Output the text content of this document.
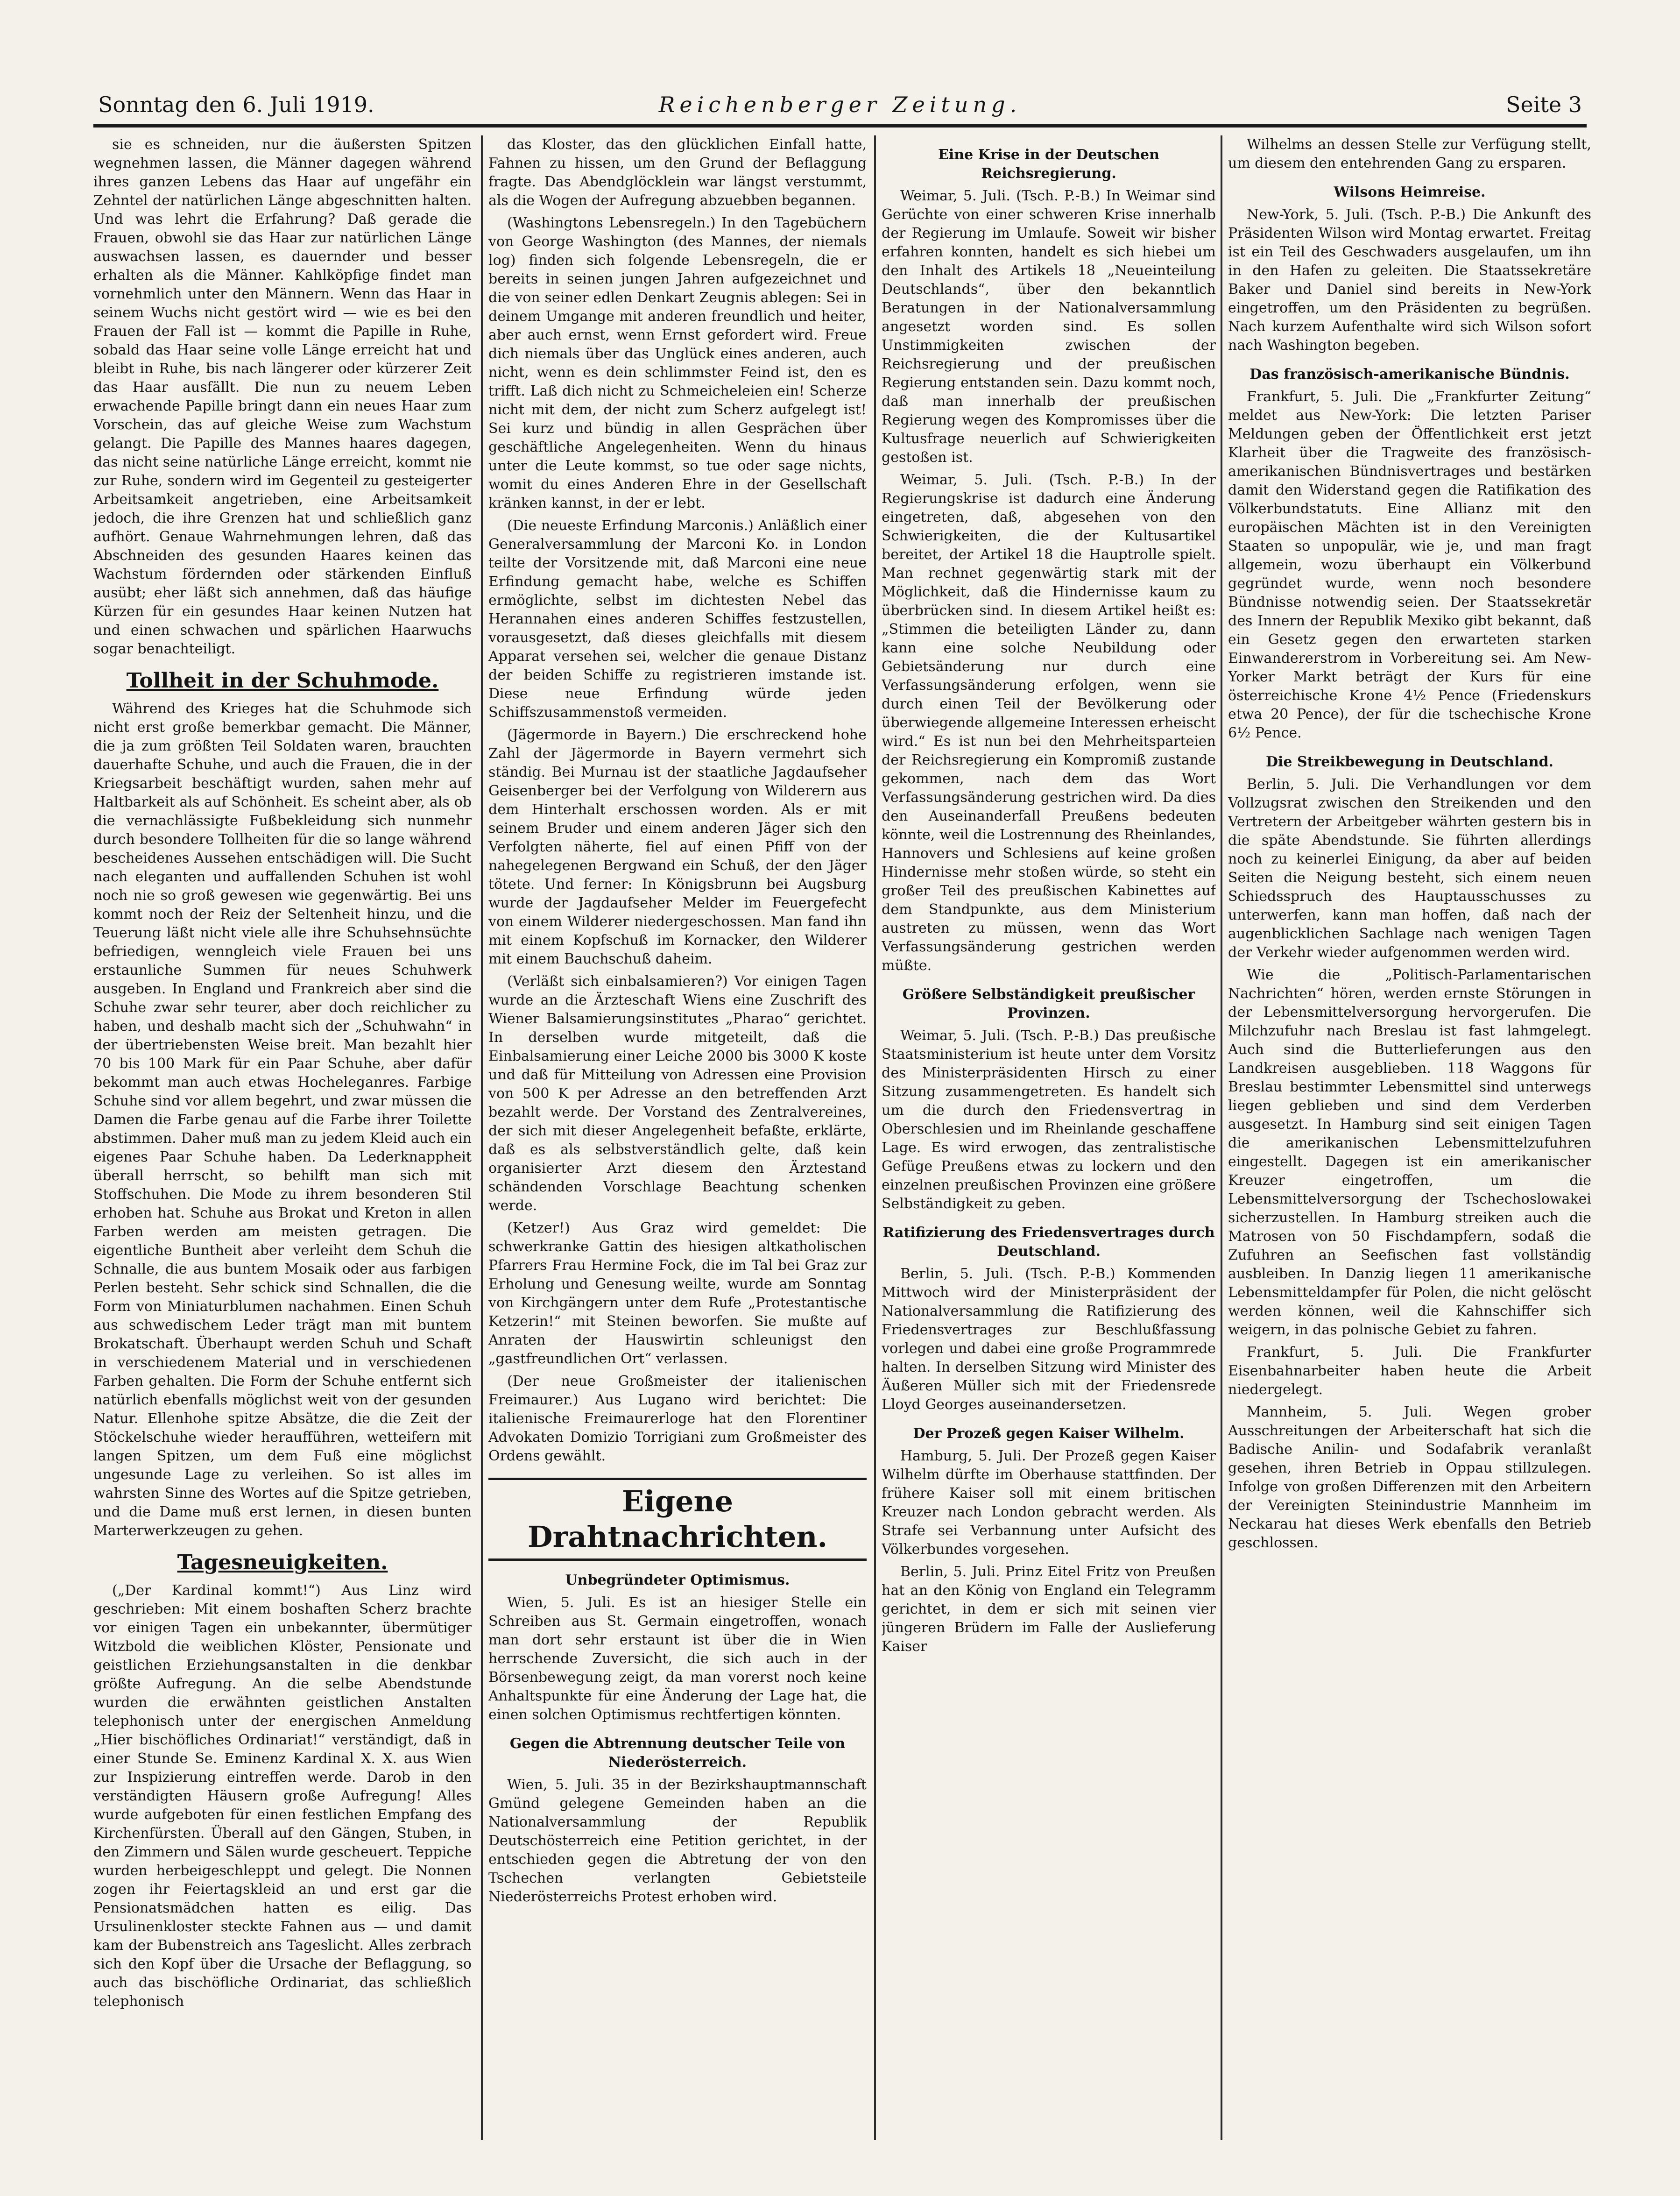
Sonntag den 6. Juli 1919.	Reichenberger Zeitung.	Seite 3

sie es schneiden, nur die äußersten Spitzen wegnehmen lassen, die Männer dagegen während ihres ganzen Lebens das Haar auf ungefähr ein Zehntel der natürlichen Länge abgeschnitten halten. Und was lehrt die Erfahrung? Daß gerade die Frauen, obwohl sie das Haar zur natürlichen Länge auswachsen lassen, es dauernder und besser erhalten als die Männer. Kahlköpfige findet man vornehmlich unter den Männern. Wenn das Haar in seinem Wuchs nicht gestört wird — wie es bei den Frauen der Fall ist — kommt die Papille in Ruhe, sobald das Haar seine volle Länge erreicht hat und bleibt in Ruhe, bis nach längerer oder kürzerer Zeit das Haar ausfällt. Die nun zu neuem Leben erwachende Papille bringt dann ein neues Haar zum Vorschein, das auf gleiche Weise zum Wachstum gelangt. Die Papille des Mannes haares dagegen, das nicht seine natürliche Länge erreicht, kommt nie zur Ruhe, sondern wird im Gegenteil zu gesteigerter Arbeitsamkeit angetrieben, eine Arbeitsamkeit jedoch, die ihre Grenzen hat und schließlich ganz aufhört. Genaue Wahrnehmungen lehren, daß das Abschneiden des gesunden Haares keinen das Wachstum fördernden oder stärkenden Einfluß ausübt; eher läßt sich annehmen, daß das häufige Kürzen für ein gesundes Haar keinen Nutzen hat und einen schwachen und spärlichen Haarwuchs sogar benachteiligt.

Tollheit in der Schuhmode.

Während des Krieges hat die Schuhmode sich nicht erst große bemerkbar gemacht. Die Männer, die ja zum größten Teil Soldaten waren, brauchten dauerhafte Schuhe, und auch die Frauen, die in der Kriegsarbeit beschäftigt wurden, sahen mehr auf Haltbarkeit als auf Schönheit. Es scheint aber, als ob die vernachlässigte Fußbekleidung sich nunmehr durch besondere Tollheiten für die so lange während bescheidenes Aussehen entschädigen will. Die Sucht nach eleganten und auffallenden Schuhen ist wohl noch nie so groß gewesen wie gegenwärtig. Bei uns kommt noch der Reiz der Seltenheit hinzu, und die Teuerung läßt nicht viele alle ihre Schuhsehnsüchte befriedigen, wenngleich viele Frauen bei uns erstaunliche Summen für neues Schuhwerk ausgeben. In England und Frankreich aber sind die Schuhe zwar sehr teurer, aber doch reichlicher zu haben, und deshalb macht sich der „Schuhwahn“ in der übertriebensten Weise breit. Man bezahlt hier 70 bis 100 Mark für ein Paar Schuhe, aber dafür bekommt man auch etwas Hocheleganres. Farbige Schuhe sind vor allem begehrt, und zwar müssen die Damen die Farbe genau auf die Farbe ihrer Toilette abstimmen. Daher muß man zu jedem Kleid auch ein eigenes Paar Schuhe haben. Da Lederknappheit überall herrscht, so behilft man sich mit Stoffschuhen. Die Mode zu ihrem besonderen Stil erhoben hat. Schuhe aus Brokat und Kreton in allen Farben werden am meisten getragen. Die eigentliche Buntheit aber verleiht dem Schuh die Schnalle, die aus buntem Mosaik oder aus farbigen Perlen besteht. Sehr schick sind Schnallen, die die Form von Miniaturblumen nachahmen. Einen Schuh aus schwedischem Leder trägt man mit buntem Brokatschaft. Überhaupt werden Schuh und Schaft in verschiedenem Material und in verschiedenen Farben gehalten. Die Form der Schuhe entfernt sich natürlich ebenfalls möglichst weit von der gesunden Natur. Ellenhohe spitze Absätze, die die Zeit der Stöckelschuhe wieder heraufführen, wetteifern mit langen Spitzen, um dem Fuß eine möglichst ungesunde Lage zu verleihen. So ist alles im wahrsten Sinne des Wortes auf die Spitze getrieben, und die Dame muß erst lernen, in diesen bunten Marterwerkzeugen zu gehen.

Tagesneuigkeiten.

(„Der Kardinal kommt!“) Aus Linz wird geschrieben: Mit einem boshaften Scherz brachte vor einigen Tagen ein unbekannter, übermütiger Witzbold die weiblichen Klöster, Pensionate und geistlichen Erziehungsanstalten in die denkbar größte Aufregung. An die selbe Abendstunde wurden die erwähnten geistlichen Anstalten telephonisch unter der energischen Anmeldung „Hier bischöfliches Ordinariat!“ verständigt, daß in einer Stunde Se. Eminenz Kardinal X. X. aus Wien zur Inspizierung eintreffen werde. Darob in den verständigten Häusern große Aufregung! Alles wurde aufgeboten für einen festlichen Empfang des Kirchenfürsten. Überall auf den Gängen, Stuben, in den Zimmern und Sälen wurde gescheuert. Teppiche wurden herbeigeschleppt und gelegt. Die Nonnen zogen ihr Feiertagskleid an und erst gar die Pensionatsmädchen hatten es eilig. Das Ursulinenkloster steckte Fahnen aus — und damit kam der Bubenstreich ans Tageslicht. Alles zerbrach sich den Kopf über die Ursache der Beflaggung, so auch das bischöfliche Ordinariat, das schließlich telephonisch

das Kloster, das den glücklichen Einfall hatte, Fahnen zu hissen, um den Grund der Beflaggung fragte. Das Abendglöcklein war längst verstummt, als die Wogen der Aufregung abzuebben begannen.

(Washingtons Lebensregeln.) In den Tagebüchern von George Washington (des Mannes, der niemals log) finden sich folgende Lebensregeln, die er bereits in seinen jungen Jahren aufgezeichnet und die von seiner edlen Denkart Zeugnis ablegen: Sei in deinem Umgange mit anderen freundlich und heiter, aber auch ernst, wenn Ernst gefordert wird. Freue dich niemals über das Unglück eines anderen, auch nicht, wenn es dein schlimmster Feind ist, den es trifft. Laß dich nicht zu Schmeicheleien ein! Scherze nicht mit dem, der nicht zum Scherz aufgelegt ist! Sei kurz und bündig in allen Gesprächen über geschäftliche Angelegenheiten. Wenn du hinaus unter die Leute kommst, so tue oder sage nichts, womit du eines Anderen Ehre in der Gesellschaft kränken kannst, in der er lebt.

(Die neueste Erfindung Marconis.) Anläßlich einer Generalversammlung der Marconi Ko. in London teilte der Vorsitzende mit, daß Marconi eine neue Erfindung gemacht habe, welche es Schiffen ermöglichte, selbst im dichtesten Nebel das Herannahen eines anderen Schiffes festzustellen, vorausgesetzt, daß dieses gleichfalls mit diesem Apparat versehen sei, welcher die genaue Distanz der beiden Schiffe zu registrieren imstande ist. Diese neue Erfindung würde jeden Schiffszusammenstoß vermeiden.

(Jägermorde in Bayern.) Die erschreckend hohe Zahl der Jägermorde in Bayern vermehrt sich ständig. Bei Murnau ist der staatliche Jagdaufseher Geisenberger bei der Verfolgung von Wilderern aus dem Hinterhalt erschossen worden. Als er mit seinem Bruder und einem anderen Jäger sich den Verfolgten näherte, fiel auf einen Pfiff von der nahegelegenen Bergwand ein Schuß, der den Jäger tötete. Und ferner: In Königsbrunn bei Augsburg wurde der Jagdaufseher Melder im Feuergefecht von einem Wilderer niedergeschossen. Man fand ihn mit einem Kopfschuß im Kornacker, den Wilderer mit einem Bauchschuß daheim.

(Verläßt sich einbalsamieren?) Vor einigen Tagen wurde an die Ärzteschaft Wiens eine Zuschrift des Wiener Balsamierungsinstitutes „Pharao“ gerichtet. In derselben wurde mitgeteilt, daß die Einbalsamierung einer Leiche 2000 bis 3000 K koste und daß für Mitteilung von Adressen eine Provision von 500 K per Adresse an den betreffenden Arzt bezahlt werde. Der Vorstand des Zentralvereines, der sich mit dieser Angelegenheit befaßte, erklärte, daß es als selbstverständlich gelte, daß kein organisierter Arzt diesem den Ärztestand schändenden Vorschlage Beachtung schenken werde.

(Ketzer!) Aus Graz wird gemeldet: Die schwerkranke Gattin des hiesigen altkatholischen Pfarrers Frau Hermine Fock, die im Tal bei Graz zur Erholung und Genesung weilte, wurde am Sonntag von Kirchgängern unter dem Rufe „Protestantische Ketzerin!“ mit Steinen beworfen. Sie mußte auf Anraten der Hauswirtin schleunigst den „gastfreundlichen Ort“ verlassen.

(Der neue Großmeister der italienischen Freimaurer.) Aus Lugano wird berichtet: Die italienische Freimaurerloge hat den Florentiner Advokaten Domizio Torrigiani zum Großmeister des Ordens gewählt.

Eigene Drahtnachrichten.
Unbegründeter Optimismus.

Wien, 5. Juli. Es ist an hiesiger Stelle ein Schreiben aus St. Germain eingetroffen, wonach man dort sehr erstaunt ist über die in Wien herrschende Zuversicht, die sich auch in der Börsenbewegung zeigt, da man vorerst noch keine Anhaltspunkte für eine Änderung der Lage hat, die einen solchen Optimismus rechtfertigen könnten.

Gegen die Abtrennung deutscher Teile von Niederösterreich.

Wien, 5. Juli. 35 in der Bezirkshauptmannschaft Gmünd gelegene Gemeinden haben an die Nationalversammlung der Republik Deutschösterreich eine Petition gerichtet, in der entschieden gegen die Abtretung der von den Tschechen verlangten Gebietsteile Niederösterreichs Protest erhoben wird.

Eine Krise in der Deutschen Reichsregierung.

Weimar, 5. Juli. (Tsch. P.-B.) In Weimar sind Gerüchte von einer schweren Krise innerhalb der Regierung im Umlaufe. Soweit wir bisher erfahren konnten, handelt es sich hiebei um den Inhalt des Artikels 18 „Neueinteilung Deutschlands“, über den bekanntlich Beratungen in der Nationalversammlung angesetzt worden sind. Es sollen Unstimmigkeiten zwischen der Reichsregierung und der preußischen Regierung entstanden sein. Dazu kommt noch, daß man innerhalb der preußischen Regierung wegen des Kompromisses über die Kultusfrage neuerlich auf Schwierigkeiten gestoßen ist.

Weimar, 5. Juli. (Tsch. P.-B.) In der Regierungskrise ist dadurch eine Änderung eingetreten, daß, abgesehen von den Schwierigkeiten, die der Kultusartikel bereitet, der Artikel 18 die Hauptrolle spielt. Man rechnet gegenwärtig stark mit der Möglichkeit, daß die Hindernisse kaum zu überbrücken sind. In diesem Artikel heißt es: „Stimmen die beteiligten Länder zu, dann kann eine solche Neubildung oder Gebietsänderung nur durch eine Verfassungsänderung erfolgen, wenn sie durch einen Teil der Bevölkerung oder überwiegende allgemeine Interessen erheischt wird.“ Es ist nun bei den Mehrheitsparteien der Reichsregierung ein Kompromiß zustande gekommen, nach dem das Wort Verfassungsänderung gestrichen wird. Da dies den Auseinanderfall Preußens bedeuten könnte, weil die Lostrennung des Rheinlandes, Hannovers und Schlesiens auf keine großen Hindernisse mehr stoßen würde, so steht ein großer Teil des preußischen Kabinettes auf dem Standpunkte, aus dem Ministerium austreten zu müssen, wenn das Wort Verfassungsänderung gestrichen werden müßte.

Größere Selbständigkeit preußischer Provinzen.

Weimar, 5. Juli. (Tsch. P.-B.) Das preußische Staatsministerium ist heute unter dem Vorsitz des Ministerpräsidenten Hirsch zu einer Sitzung zusammengetreten. Es handelt sich um die durch den Friedensvertrag in Oberschlesien und im Rheinlande geschaffene Lage. Es wird erwogen, das zentralistische Gefüge Preußens etwas zu lockern und den einzelnen preußischen Provinzen eine größere Selbständigkeit zu geben.

Ratifizierung des Friedensvertrages durch Deutschland.

Berlin, 5. Juli. (Tsch. P.-B.) Kommenden Mittwoch wird der Ministerpräsident der Nationalversammlung die Ratifizierung des Friedensvertrages zur Beschlußfassung vorlegen und dabei eine große Programmrede halten. In derselben Sitzung wird Minister des Äußeren Müller sich mit der Friedensrede Lloyd Georges auseinandersetzen.

Der Prozeß gegen Kaiser Wilhelm.

Hamburg, 5. Juli. Der Prozeß gegen Kaiser Wilhelm dürfte im Oberhause stattfinden. Der frühere Kaiser soll mit einem britischen Kreuzer nach London gebracht werden. Als Strafe sei Verbannung unter Aufsicht des Völkerbundes vorgesehen.

Berlin, 5. Juli. Prinz Eitel Fritz von Preußen hat an den König von England ein Telegramm gerichtet, in dem er sich mit seinen vier jüngeren Brüdern im Falle der Auslieferung Kaiser

Wilhelms an dessen Stelle zur Verfügung stellt, um diesem den entehrenden Gang zu ersparen.

Wilsons Heimreise.

New-York, 5. Juli. (Tsch. P.-B.) Die Ankunft des Präsidenten Wilson wird Montag erwartet. Freitag ist ein Teil des Geschwaders ausgelaufen, um ihn in den Hafen zu geleiten. Die Staatssekretäre Baker und Daniel sind bereits in New-York eingetroffen, um den Präsidenten zu begrüßen. Nach kurzem Aufenthalte wird sich Wilson sofort nach Washington begeben.

Das französisch-amerikanische Bündnis.

Frankfurt, 5. Juli. Die „Frankfurter Zeitung“ meldet aus New-York: Die letzten Pariser Meldungen geben der Öffentlichkeit erst jetzt Klarheit über die Tragweite des französisch-amerikanischen Bündnisvertrages und bestärken damit den Widerstand gegen die Ratifikation des Völkerbundstatuts. Eine Allianz mit den europäischen Mächten ist in den Vereinigten Staaten so unpopulär, wie je, und man fragt allgemein, wozu überhaupt ein Völkerbund gegründet wurde, wenn noch besondere Bündnisse notwendig seien. Der Staatssekretär des Innern der Republik Mexiko gibt bekannt, daß ein Gesetz gegen den erwarteten starken Einwandererstrom in Vorbereitung sei. Am New-Yorker Markt beträgt der Kurs für eine österreichische Krone 4½ Pence (Friedenskurs etwa 20 Pence), der für die tschechische Krone 6½ Pence.

Die Streikbewegung in Deutschland.

Berlin, 5. Juli. Die Verhandlungen vor dem Vollzugsrat zwischen den Streikenden und den Vertretern der Arbeitgeber währten gestern bis in die späte Abendstunde. Sie führten allerdings noch zu keinerlei Einigung, da aber auf beiden Seiten die Neigung besteht, sich einem neuen Schiedsspruch des Hauptausschusses zu unterwerfen, kann man hoffen, daß nach der augenblicklichen Sachlage nach wenigen Tagen der Verkehr wieder aufgenommen werden wird.

Wie die „Politisch-Parlamentarischen Nachrichten“ hören, werden ernste Störungen in der Lebensmittelversorgung hervorgerufen. Die Milchzufuhr nach Breslau ist fast lahmgelegt. Auch sind die Butterlieferungen aus den Landkreisen ausgeblieben. 118 Waggons für Breslau bestimmter Lebensmittel sind unterwegs liegen geblieben und sind dem Verderben ausgesetzt. In Hamburg sind seit einigen Tagen die amerikanischen Lebensmittelzufuhren eingestellt. Dagegen ist ein amerikanischer Kreuzer eingetroffen, um die Lebensmittelversorgung der Tschechoslowakei sicherzustellen. In Hamburg streiken auch die Matrosen von 50 Fischdampfern, sodaß die Zufuhren an Seefischen fast vollständig ausbleiben. In Danzig liegen 11 amerikanische Lebensmitteldampfer für Polen, die nicht gelöscht werden können, weil die Kahnschiffer sich weigern, in das polnische Gebiet zu fahren.

Frankfurt, 5. Juli. Die Frankfurter Eisenbahnarbeiter haben heute die Arbeit niedergelegt.

Mannheim, 5. Juli. Wegen grober Ausschreitungen der Arbeiterschaft hat sich die Badische Anilin- und Sodafabrik veranlaßt gesehen, ihren Betrieb in Oppau stillzulegen. Infolge von großen Differenzen mit den Arbeitern der Vereinigten Steinindustrie Mannheim im Neckarau hat dieses Werk ebenfalls den Betrieb geschlossen.
